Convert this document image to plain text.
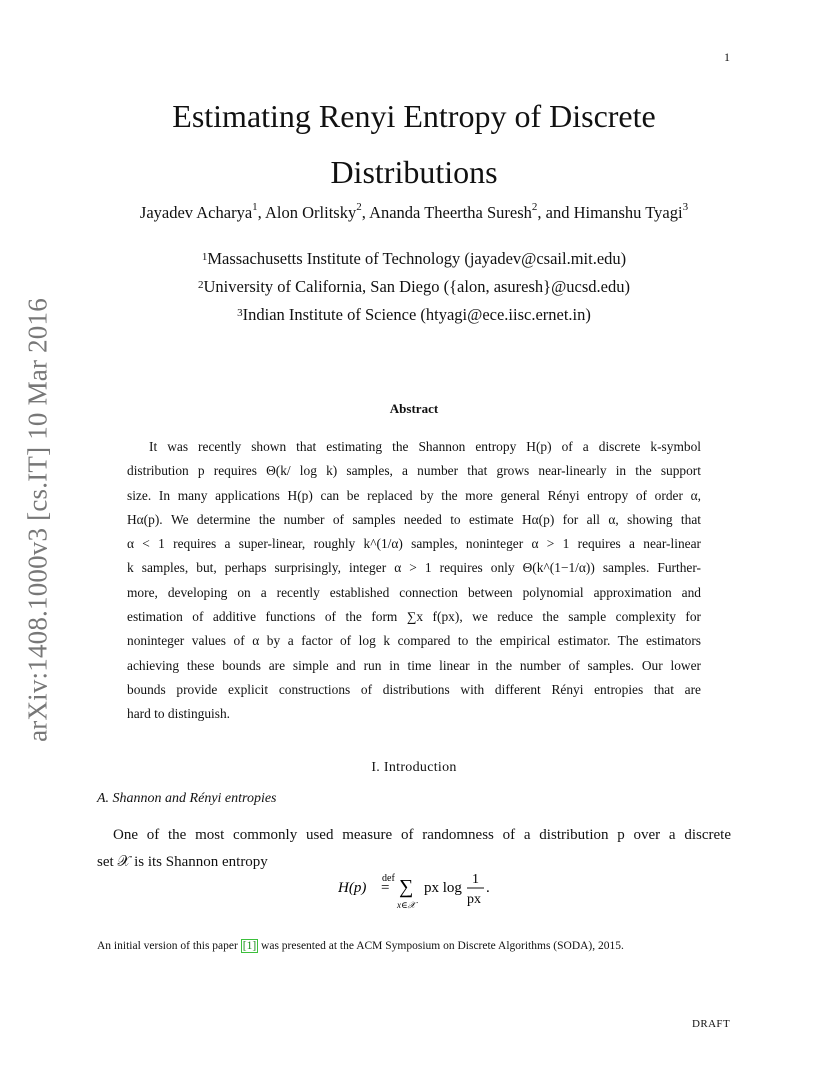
1
arXiv:1408.1000v3 [cs.IT] 10 Mar 2016
Estimating Renyi Entropy of Discrete Distributions
Jayadev Acharya$^1$, Alon Orlitsky$^2$, Ananda Theertha Suresh$^2$, and Himanshu Tyagi$^3$
$^1$Massachusetts Institute of Technology (jayadev@csail.mit.edu)
$^2$University of California, San Diego ({alon, asuresh}@ucsd.edu)
$^3$Indian Institute of Science (htyagi@ece.iisc.ernet.in)
Abstract
It was recently shown that estimating the Shannon entropy H(p) of a discrete k-symbol
distribution p requires Θ(k/ log k) samples, a number that grows near-linearly in the support
size. In many applications H(p) can be replaced by the more general Rényi entropy of order α,
Hα(p). We determine the number of samples needed to estimate Hα(p) for all α, showing that
α < 1 requires a super-linear, roughly k^(1/α) samples, noninteger α > 1 requires a near-linear
k samples, but, perhaps surprisingly, integer α > 1 requires only Θ(k^(1−1/α)) samples. Further-
more, developing on a recently established connection between polynomial approximation and
estimation of additive functions of the form ∑x f(px), we reduce the sample complexity for
noninteger values of α by a factor of log k compared to the empirical estimator. The estimators
achieving these bounds are simple and run in time linear in the number of samples. Our lower
bounds provide explicit constructions of distributions with different Rényi entropies that are
hard to distinguish.
I. Introduction
A. Shannon and Rényi entropies
One of the most commonly used measure of randomness of a distribution p over a discrete
set 𝒳 is its Shannon entropy
H(p)
def
= ∑
x∈𝒳
px log
1
px
.
An initial version of this paper [1] was presented at the ACM Symposium on Discrete Algorithms (SODA), 2015.
DRAFT
